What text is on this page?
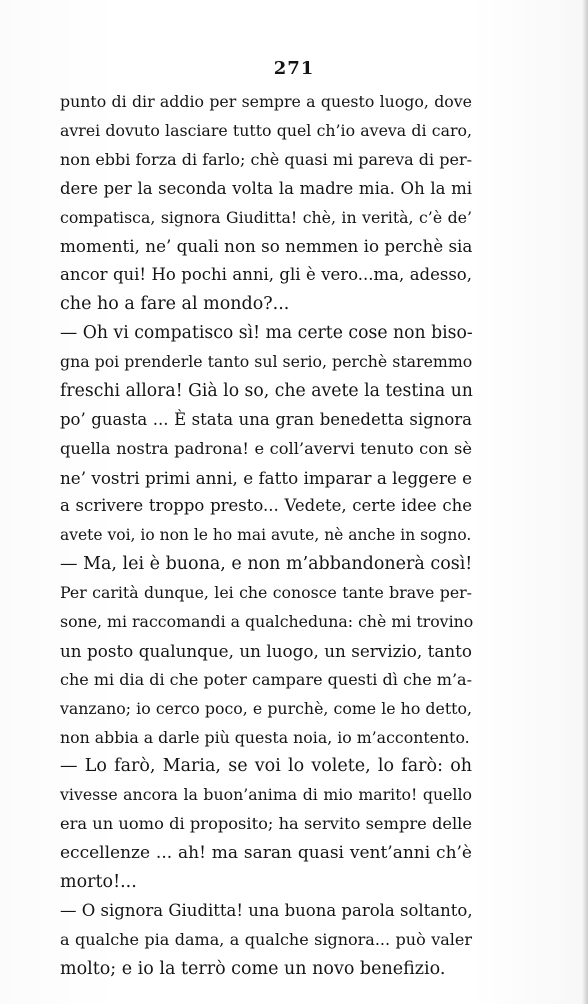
271
punto di dir addio per sempre a questo luogo, dove
avrei dovuto lasciare tutto quel ch’io aveva di caro,
non ebbi forza di farlo; chè quasi mi pareva di per-
dere per la seconda volta la madre mia. Oh la mi
compatisca, signora Giuditta! chè, in verità, c’è de’
momenti, ne’ quali non so nemmen io perchè sia
ancor qui! Ho pochi anni, gli è vero...ma, adesso,
che ho a fare al mondo?...
— Oh vi compatisco sì! ma certe cose non biso-
gna poi prenderle tanto sul serio, perchè staremmo
freschi allora! Già lo so, che avete la testina un
po’ guasta ... È stata una gran benedetta signora
quella nostra padrona! e coll’avervi tenuto con sè
ne’ vostri primi anni, e fatto imparar a leggere e
a scrivere troppo presto... Vedete, certe idee che
avete voi, io non le ho mai avute, nè anche in sogno.
— Ma, lei è buona, e non m’abbandonerà così!
Per carità dunque, lei che conosce tante brave per-
sone, mi raccomandi a qualcheduna: chè mi trovino
un posto qualunque, un luogo, un servizio, tanto
che mi dia di che poter campare questi dì che m’a-
vanzano; io cerco poco, e purchè, come le ho detto,
non abbia a darle più questa noia, io m’accontento.
— Lo farò, Maria, se voi lo volete, lo farò: oh
vivesse ancora la buon’anima di mio marito! quello
era un uomo di proposito; ha servito sempre delle
eccellenze ... ah! ma saran quasi vent’anni ch’è
morto!...
— O signora Giuditta! una buona parola soltanto,
a qualche pia dama, a qualche signora... può valer
molto; e io la terrò come un novo benefizio.
